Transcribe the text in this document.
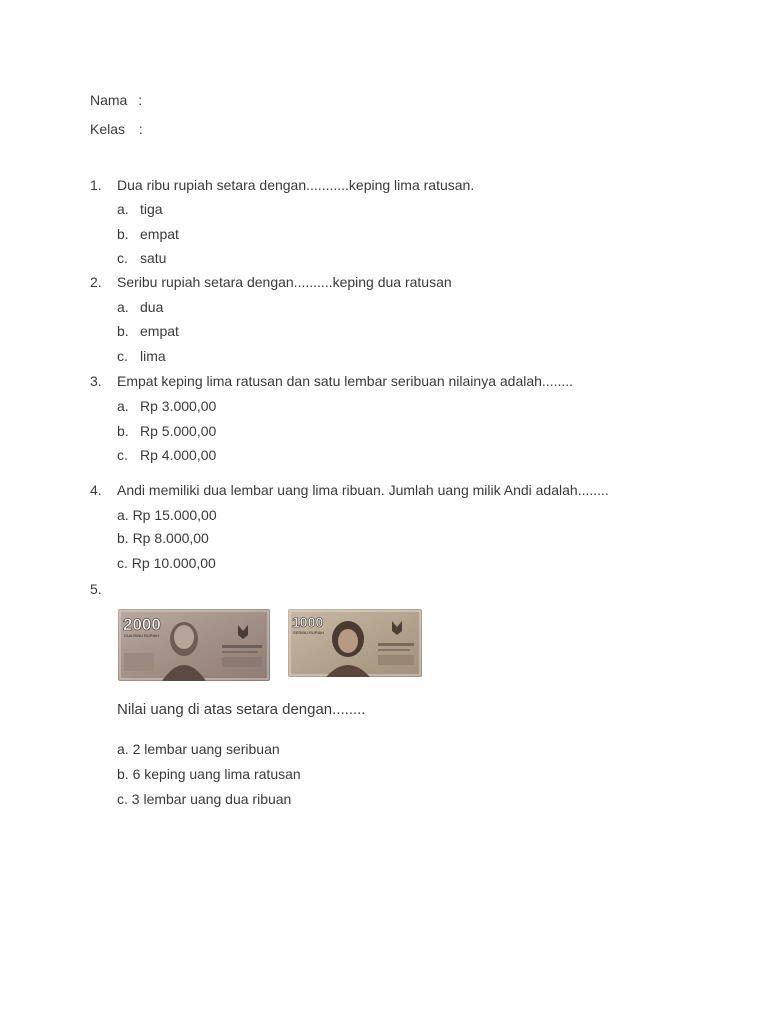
Nama :
Kelas :
1. Dua ribu rupiah setara dengan...........keping lima ratusan.
a. tiga
b. empat
c. satu
2. Seribu rupiah setara dengan..........keping dua ratusan
a. dua
b. empat
c. lima
3. Empat keping lima ratusan dan satu lembar seribuan nilainya adalah........
a. Rp 3.000,00
b. Rp 5.000,00
c. Rp 4.000,00
4. Andi memiliki dua lembar uang lima ribuan. Jumlah uang milik Andi adalah........
a. Rp 15.000,00
b. Rp 8.000,00
c. Rp 10.000,00
5.
2000
DUA RIBU RUPIAH
1000
SERIBU RUPIAH
Nilai uang di atas setara dengan........
a. 2 lembar uang seribuan
b. 6 keping uang lima ratusan
c. 3 lembar uang dua ribuan
